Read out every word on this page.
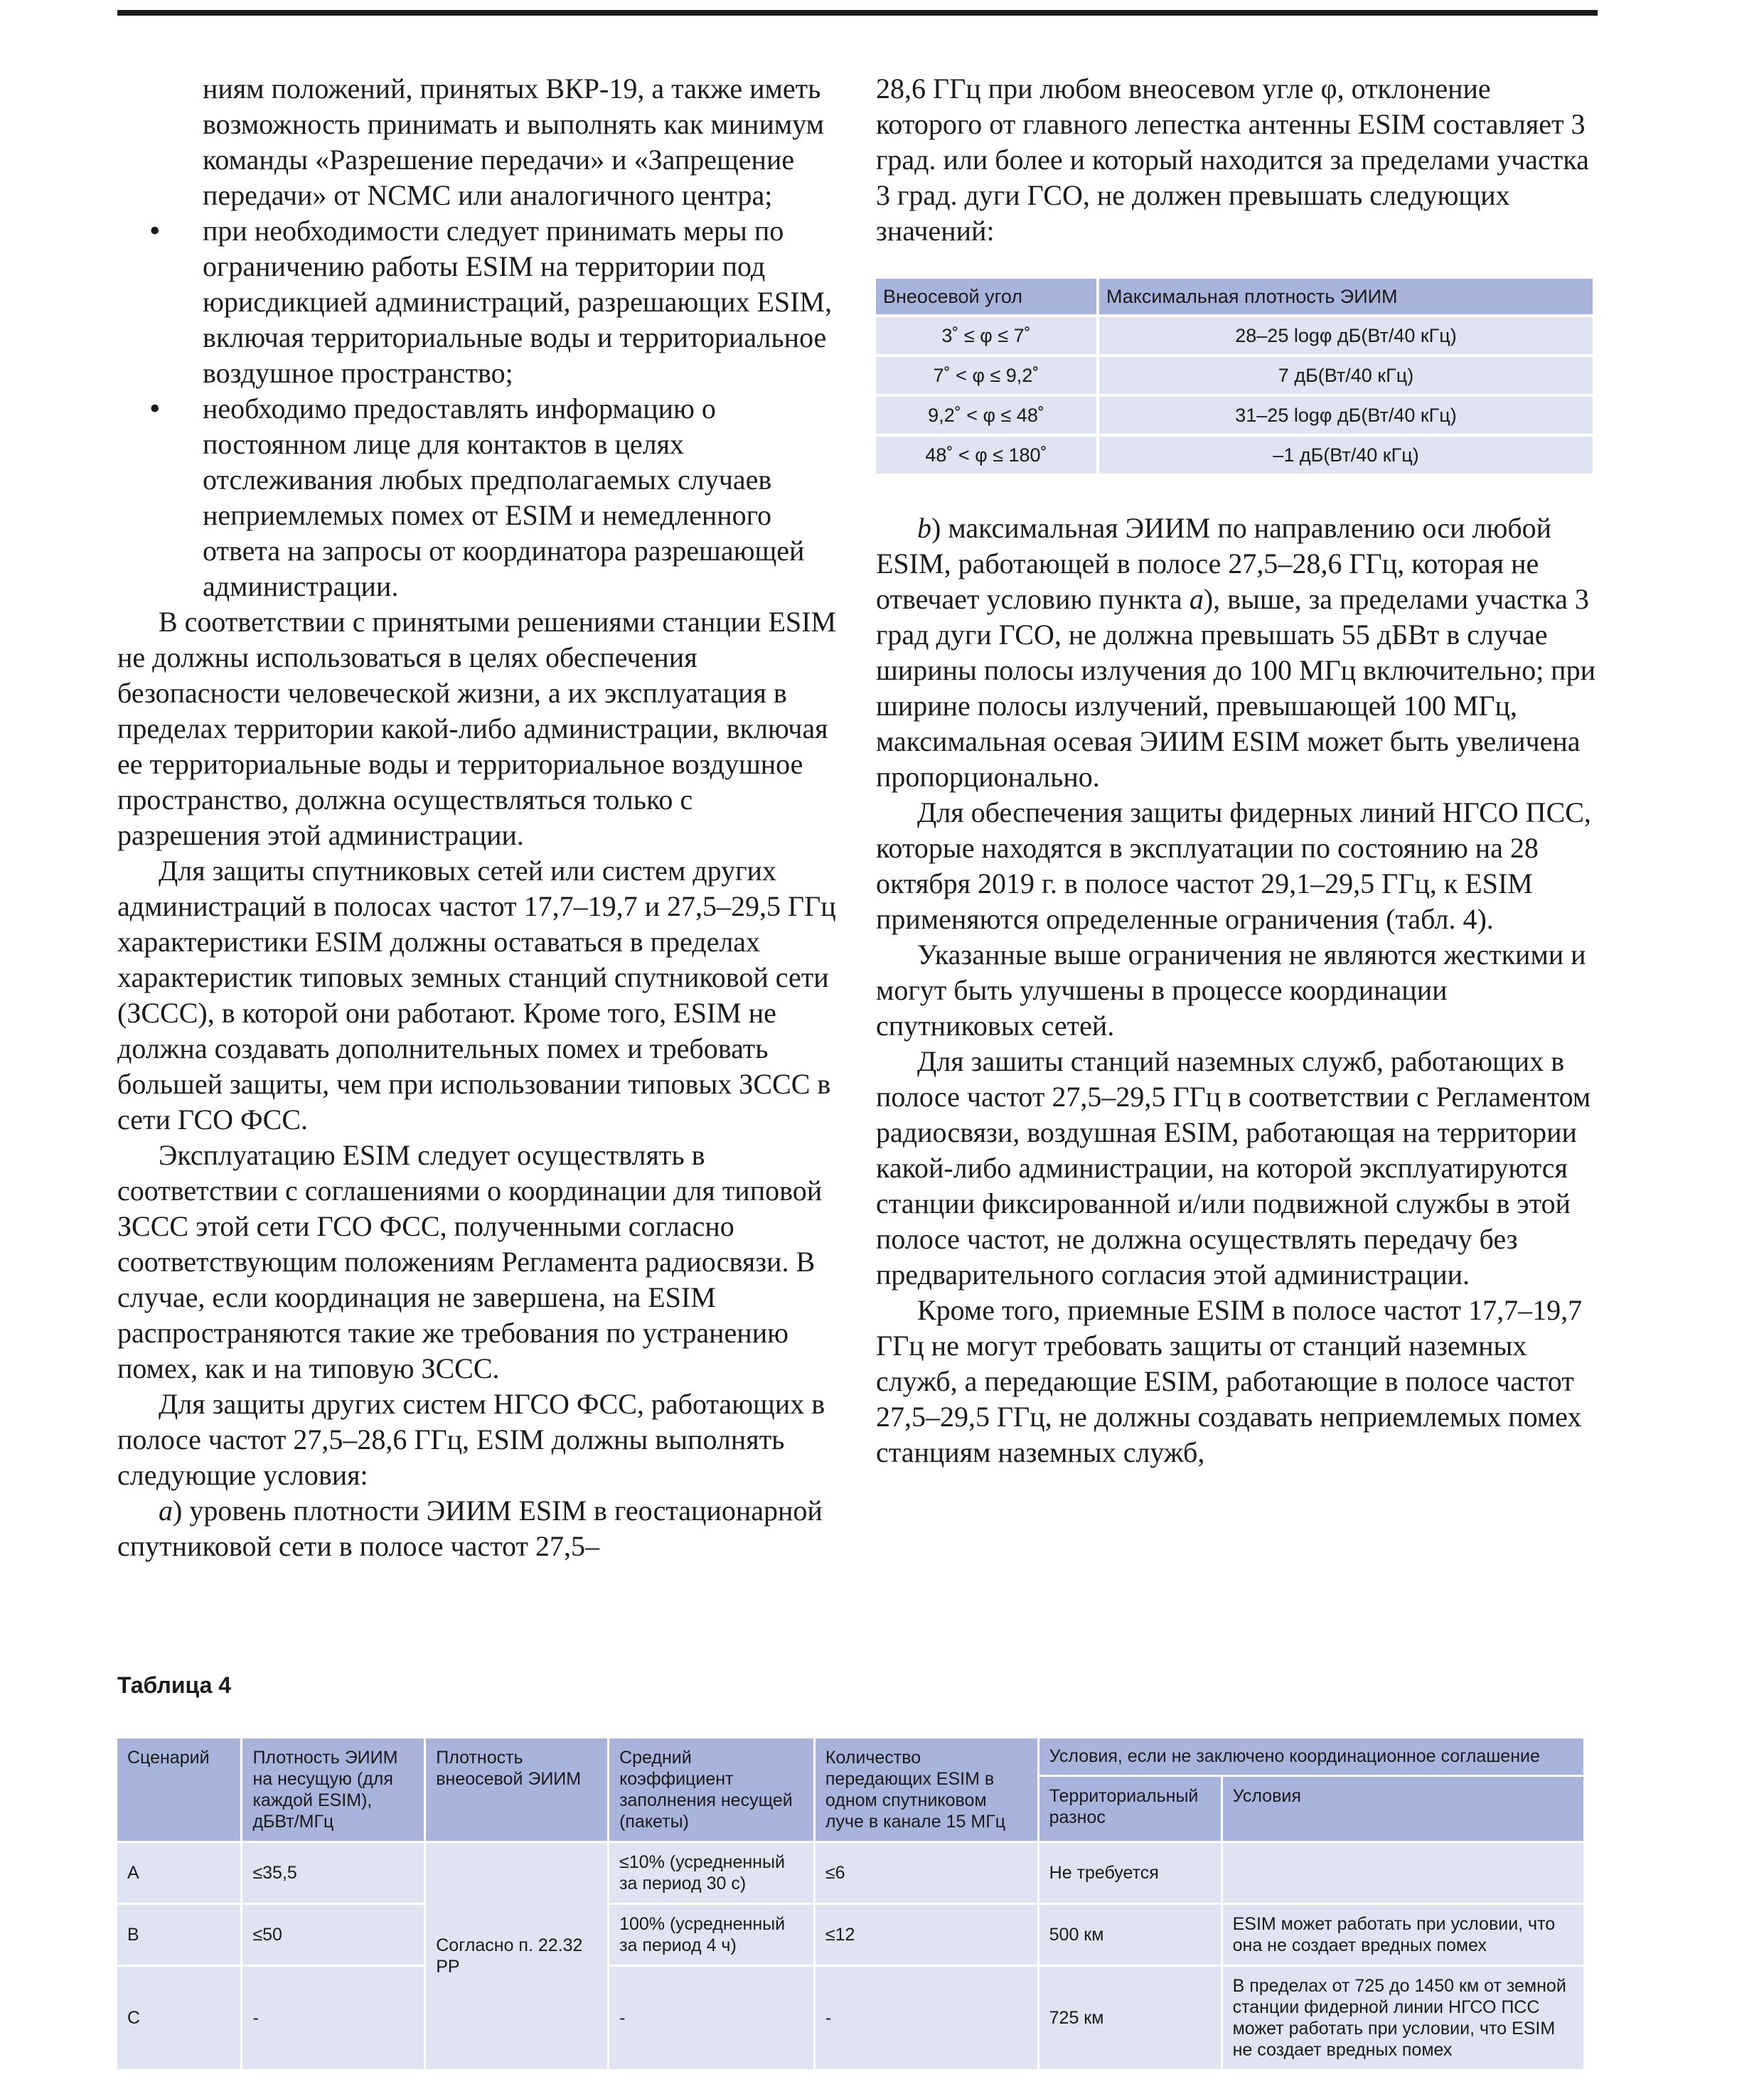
ниям положений, принятых ВКР-19, а также иметь возможность принимать и выполнять как минимум команды «Разрешение передачи» и «Запрещение передачи» от NCMC или аналогичного центра;

• при необходимости следует принимать меры по ограничению работы ESIM на территории под юрисдикцией администраций, разрешающих ESIM, включая территориальные воды и территориальное воздушное пространство;

• необходимо предоставлять информацию о постоянном лице для контактов в целях отслеживания любых предполагаемых случаев неприемлемых помех от ESIM и немедленного ответа на запросы от координатора разрешающей администрации.

В соответствии с принятыми решениями станции ESIM не должны использоваться в целях обеспечения безопасности человеческой жизни, а их эксплуатация в пределах территории какой-либо администрации, включая ее территориальные воды и территориальное воздушное пространство, должна осуществляться только с разрешения этой администрации.

Для защиты спутниковых сетей или систем других администраций в полосах частот 17,7–19,7 и 27,5–29,5 ГГц характеристики ESIM должны оставаться в пределах характеристик типовых земных станций спутниковой сети (ЗССС), в которой они работают. Кроме того, ESIM не должна создавать дополнительных помех и требовать большей защиты, чем при использовании типовых ЗССС в сети ГСО ФСС.

Эксплуатацию ESIM следует осуществлять в соответствии с соглашениями о координации для типовой ЗССС этой сети ГСО ФСС, полученными согласно соответствующим положениям Регламента радиосвязи. В случае, если координация не завершена, на ESIM распространяются такие же требования по устранению помех, как и на типовую ЗССС.

Для защиты других систем НГСО ФСС, работающих в полосе частот 27,5–28,6 ГГц, ESIM должны выполнять следующие условия:

a) уровень плотности ЭИИМ ESIM в геостационарной спутниковой сети в полосе частот 27,5–

28,6 ГГц при любом внеосевом угле φ, отклонение которого от главного лепестка антенны ESIM составляет 3 град. или более и который находится за пределами участка 3 град. дуги ГСО, не должен превышать следующих значений:

Внеосевой угол	Максимальная плотность ЭИИМ
3˚ ≤ φ ≤ 7˚	28–25 logφ дБ(Вт/40 кГц)
7˚ < φ ≤ 9,2˚	7 дБ(Вт/40 кГц)
9,2˚ < φ ≤ 48˚	31–25 logφ дБ(Вт/40 кГц)
48˚ < φ ≤ 180˚	–1 дБ(Вт/40 кГц)

b) максимальная ЭИИМ по направлению оси любой ESIM, работающей в полосе 27,5–28,6 ГГц, которая не отвечает условию пункта а), выше, за пределами участка 3 град дуги ГСО, не должна превышать 55 дБВт в случае ширины полосы излучения до 100 МГц включительно; при ширине полосы излучений, превышающей 100 МГц, максимальная осевая ЭИИМ ESIM может быть увеличена пропорционально.

Для обеспечения защиты фидерных линий НГСО ПСС, которые находятся в эксплуатации по состоянию на 28 октября 2019 г. в полосе частот 29,1–29,5 ГГц, к ESIM применяются определенные ограничения (табл. 4).

Указанные выше ограничения не являются жесткими и могут быть улучшены в процессе координации спутниковых сетей.

Для зашиты станций наземных служб, работающих в полосе частот 27,5–29,5 ГГц в соответствии с Регламентом радиосвязи, воздушная ESIM, работающая на территории какой-либо администрации, на которой эксплуатируются станции фиксированной и/или подвижной службы в этой полосе частот, не должна осуществлять передачу без предварительного согласия этой администрации.

Кроме того, приемные ESIM в полосе частот 17,7–19,7 ГГц не могут требовать защиты от станций наземных служб, а передающие ESIM, работающие в полосе частот 27,5–29,5 ГГц, не должны создавать неприемлемых помех станциям наземных служб,

Таблица 4
Сценарий	Плотность ЭИИМ на несущую (для каждой ESIM), дБВт/МГц	Плотность внеосевой ЭИИМ	Средний коэффициент заполнения несущей (пакеты)	Количество передающих ESIM в одном спутниковом луче в канале 15 МГц	Условия, если не заключено координационное соглашение	
					Территориальный разнос	Условия
A	≤35,5	Согласно п. 22.32 РР	≤10% (усредненный за период 30 с)	≤6	Не требуется	
B	≤50		100% (усредненный за период 4 ч)	≤12	500 км	ESIM может работать при условии, что она не создает вредных помех
C	-		-	-	725 км	В пределах от 725 до 1450 км от земной станции фидерной линии НГСО ПСС может работать при условии, что ESIM не создает вредных помех
